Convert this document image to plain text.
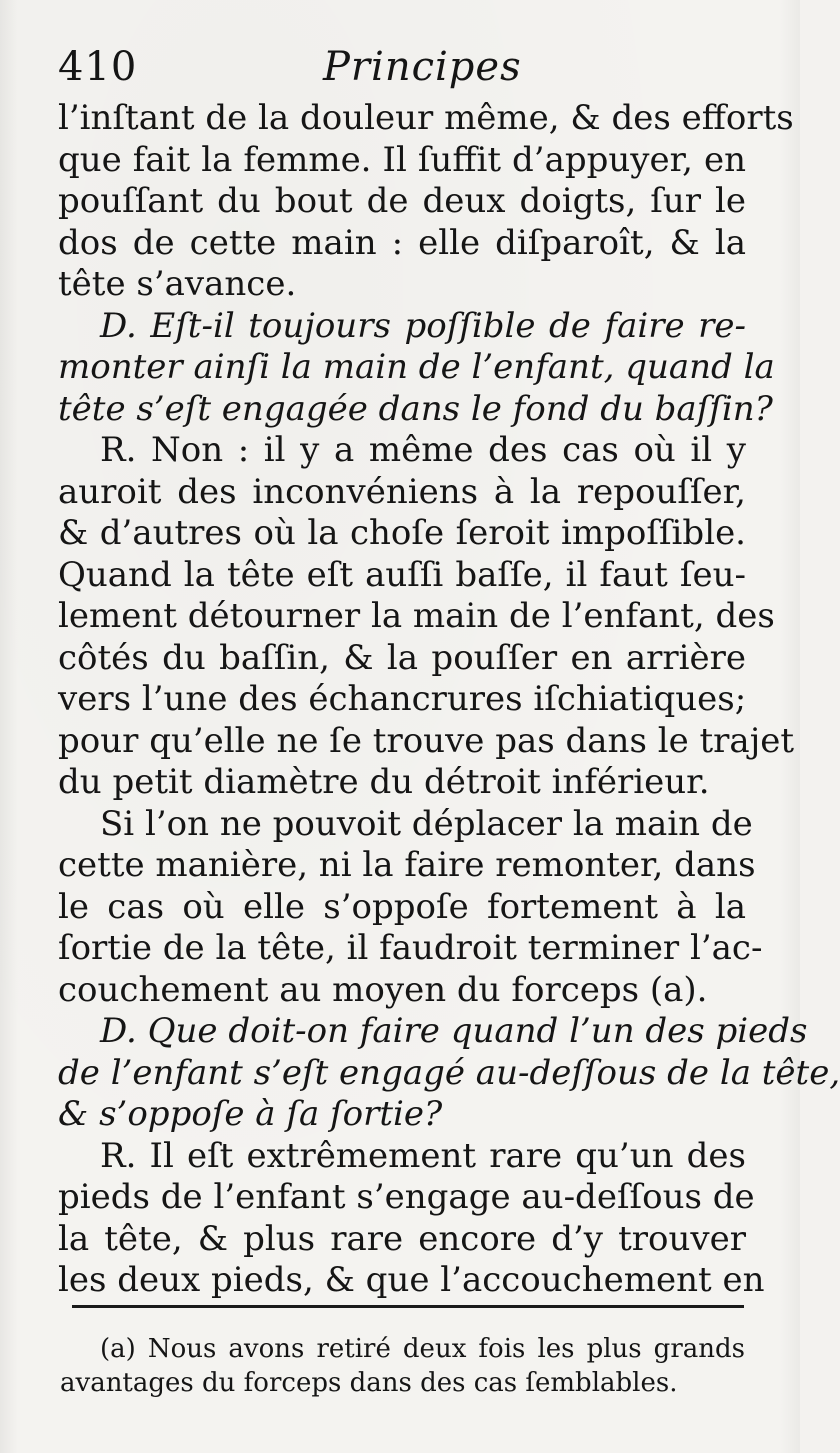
410	Principes
l’inſtant de la douleur même, & des efforts
que fait la femme. Il ſuffit d’appuyer, en
pouſſant du bout de deux doigts, ſur le
dos de cette main : elle diſparoît, & la
tête s’avance.
D. Eſt-il toujours poſſible de faire re-
monter ainſi la main de l’enfant, quand la
tête s’eſt engagée dans le fond du baſſin?
R. Non : il y a même des cas où il y
auroit des inconvéniens à la repouſſer,
& d’autres où la choſe ſeroit impoſſible.
Quand la tête eſt auſſi baſſe, il faut ſeu-
lement détourner la main de l’enfant, des
côtés du baſſin, & la pouſſer en arrière
vers l’une des échancrures iſchiatiques;
pour qu’elle ne ſe trouve pas dans le trajet
du petit diamètre du détroit inférieur.
Si l’on ne pouvoit déplacer la main de
cette manière, ni la faire remonter, dans
le cas où elle s’oppoſe fortement à la
ſortie de la tête, il faudroit terminer l’ac-
couchement au moyen du forceps (a).
D. Que doit-on faire quand l’un des pieds
de l’enfant s’eſt engagé au-deſſous de la tête,
& s’oppoſe à ſa ſortie?
R. Il eſt extrêmement rare qu’un des
pieds de l’enfant s’engage au-deſſous de
la tête, & plus rare encore d’y trouver
les deux pieds, & que l’accouchement en
(a) Nous avons retiré deux fois les plus grands
avantages du forceps dans des cas ſemblables.
